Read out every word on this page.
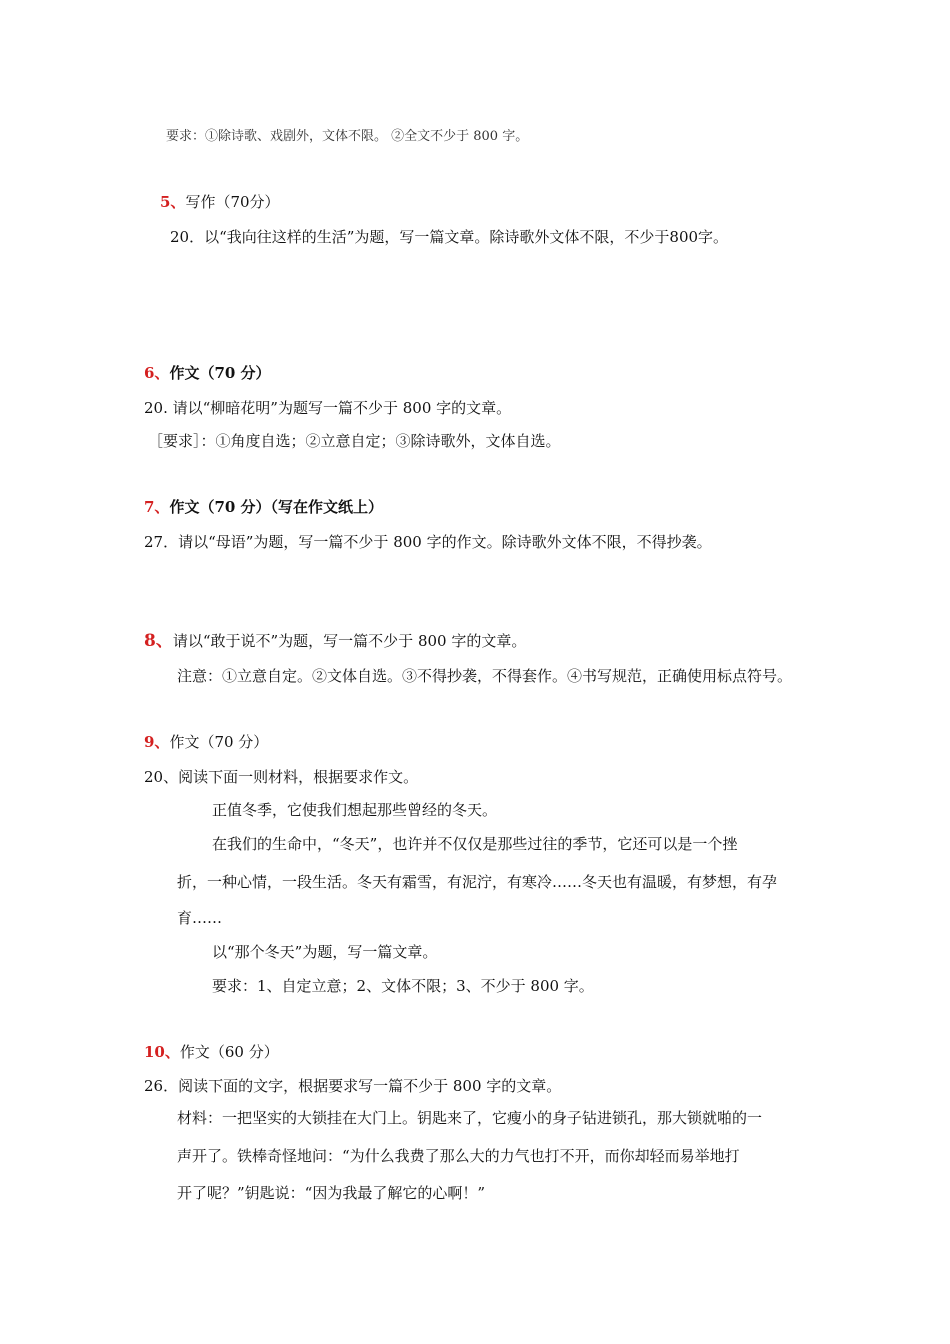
要求：①除诗歌、戏剧外，文体不限。 ②全文不少于 800 字。
5、写作（70分）
20．以“我向往这样的生活”为题，写一篇文章。除诗歌外文体不限，不少于800字。
6、作文（70 分）
20. 请以“柳暗花明”为题写一篇不少于 800 字的文章。
［要求］：①角度自选；②立意自定；③除诗歌外，文体自选。
7、作文（70 分）（写在作文纸上）
27．请以“母语”为题，写一篇不少于 800 字的作文。除诗歌外文体不限，不得抄袭。
8、请以“敢于说不”为题，写一篇不少于 800 字的文章。
注意：①立意自定。②文体自选。③不得抄袭，不得套作。④书写规范，正确使用标点符号。
9、作文（70 分）
20、阅读下面一则材料，根据要求作文。
正值冬季，它使我们想起那些曾经的冬天。
在我们的生命中，“冬天”，也许并不仅仅是那些过往的季节，它还可以是一个挫
折，一种心情，一段生活。冬天有霜雪，有泥泞，有寒冷……冬天也有温暖，有梦想，有孕
育……
以“那个冬天”为题，写一篇文章。
要求：1、自定立意；2、文体不限；3、不少于 800 字。
10、作文（60 分）
26．阅读下面的文字，根据要求写一篇不少于 800 字的文章。
材料：一把坚实的大锁挂在大门上。钥匙来了，它瘦小的身子钻进锁孔，那大锁就啪的一
声开了。铁棒奇怪地问：“为什么我费了那么大的力气也打不开，而你却轻而易举地打
开了呢？”钥匙说：“因为我最了解它的心啊！”
